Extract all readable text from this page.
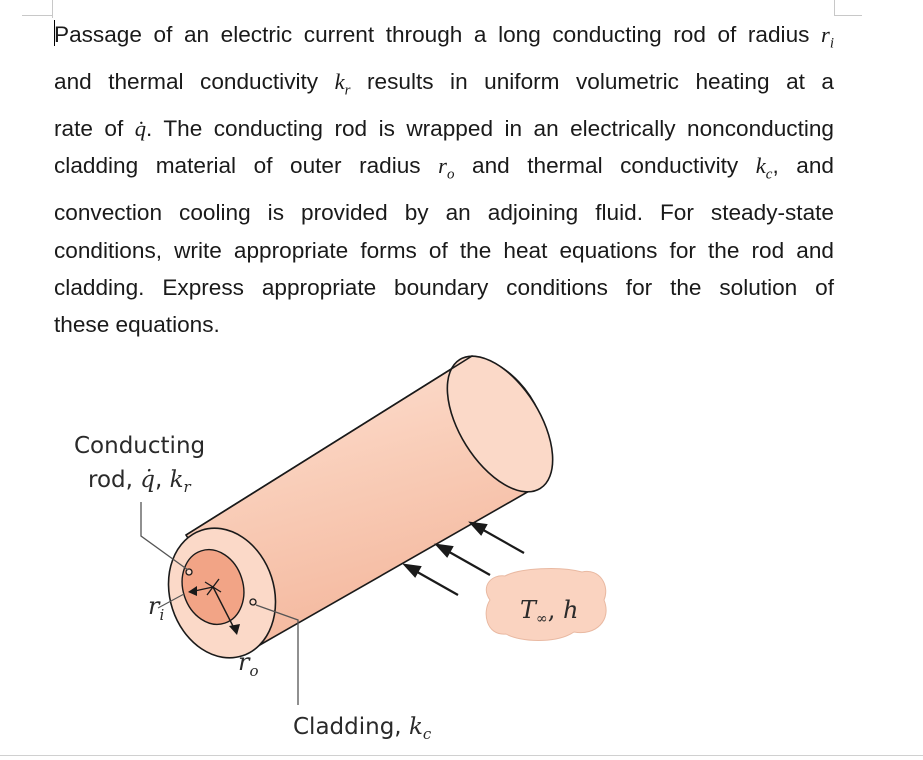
Passage of an electric current through a long conducting rod of radius $r_i$
and thermal conductivity $k_r$ results in uniform volumetric heating at a
rate of q̇. The conducting rod is wrapped in an electrically nonconducting
cladding material of outer radius $r_o$ and thermal conductivity $k_c$, and
convection cooling is provided by an adjoining fluid. For steady-state
conditions, write appropriate forms of the heat equations for the rod and
cladding. Express appropriate boundary conditions for the solution of
these equations.
Conducting
rod, q̇, $k_r$
$r_i$
$r_o$
$T_\infty$, h
Cladding, $k_c$
